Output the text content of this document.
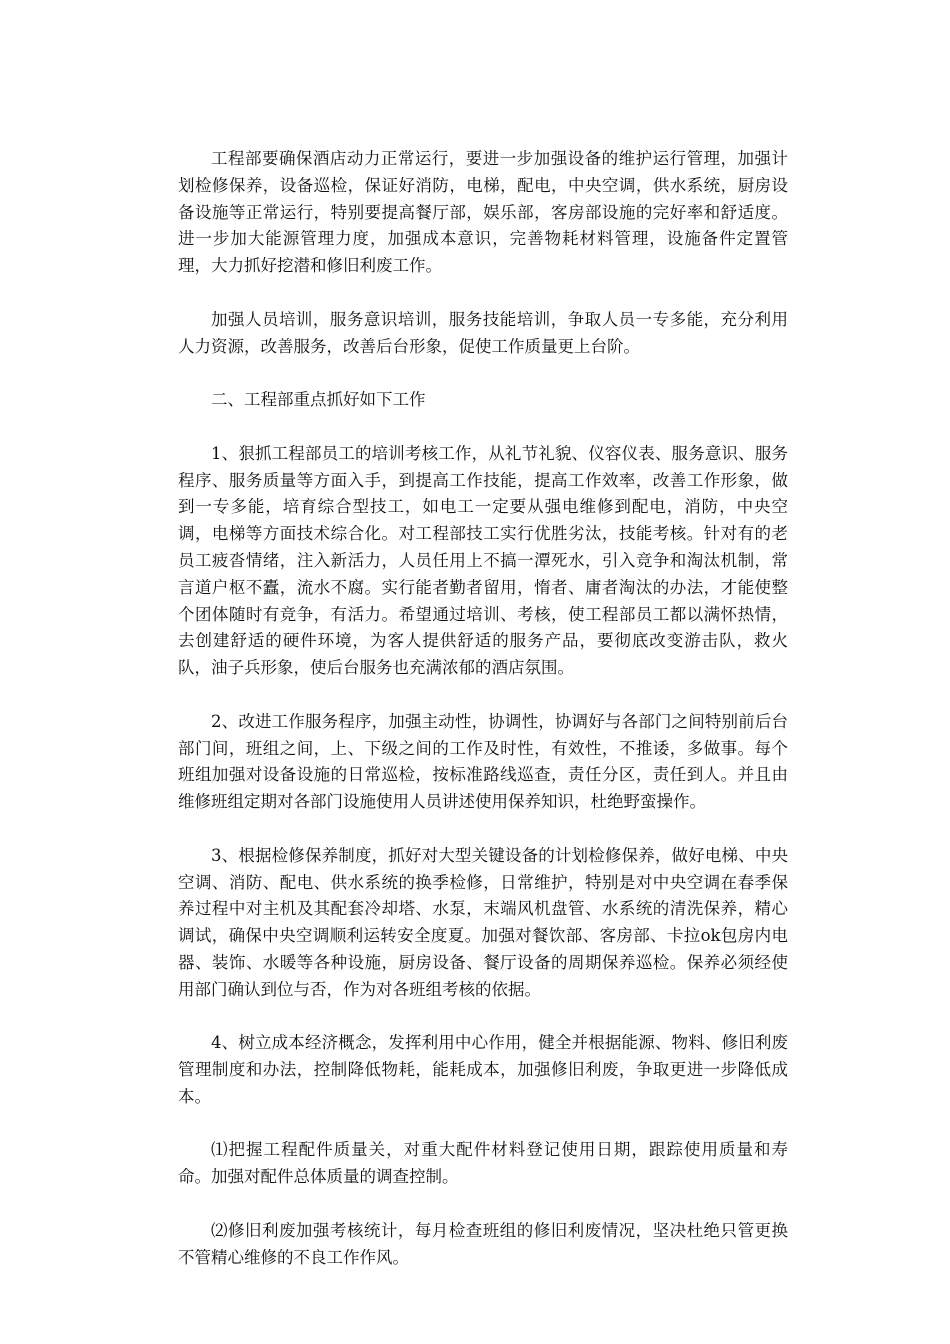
工程部要确保酒店动力正常运行，要进一步加强设备的维护运行管理，加强计划检修保养，设备巡检，保证好消防，电梯，配电，中央空调，供水系统，厨房设备设施等正常运行，特别要提高餐厅部，娱乐部，客房部设施的完好率和舒适度。进一步加大能源管理力度，加强成本意识，完善物耗材料管理，设施备件定置管理，大力抓好挖潜和修旧利废工作。

加强人员培训，服务意识培训，服务技能培训，争取人员一专多能，充分利用人力资源，改善服务，改善后台形象，促使工作质量更上台阶。

二、工程部重点抓好如下工作

1、狠抓工程部员工的培训考核工作，从礼节礼貌、仪容仪表、服务意识、服务程序、服务质量等方面入手，到提高工作技能，提高工作效率，改善工作形象，做到一专多能，培育综合型技工，如电工一定要从强电维修到配电，消防，中央空调，电梯等方面技术综合化。对工程部技工实行优胜劣汰，技能考核。针对有的老员工疲沓情绪，注入新活力，人员任用上不搞一潭死水，引入竞争和淘汰机制，常言道户枢不蠹，流水不腐。实行能者勤者留用，惰者、庸者淘汰的办法，才能使整个团体随时有竞争，有活力。希望通过培训、考核，使工程部员工都以满怀热情，去创建舒适的硬件环境，为客人提供舒适的服务产品，要彻底改变游击队，救火队，油子兵形象，使后台服务也充满浓郁的酒店氛围。

2、改进工作服务程序，加强主动性，协调性，协调好与各部门之间特别前后台部门间，班组之间，上、下级之间的工作及时性，有效性，不推诿，多做事。每个班组加强对设备设施的日常巡检，按标准路线巡查，责任分区，责任到人。并且由维修班组定期对各部门设施使用人员讲述使用保养知识，杜绝野蛮操作。

3、根据检修保养制度，抓好对大型关键设备的计划检修保养，做好电梯、中央空调、消防、配电、供水系统的换季检修，日常维护，特别是对中央空调在春季保养过程中对主机及其配套冷却塔、水泵，末端风机盘管、水系统的清洗保养，精心调试，确保中央空调顺利运转安全度夏。加强对餐饮部、客房部、卡拉ok包房内电器、装饰、水暖等各种设施，厨房设备、餐厅设备的周期保养巡检。保养必须经使用部门确认到位与否，作为对各班组考核的依据。

4、树立成本经济概念，发挥利用中心作用，健全并根据能源、物料、修旧利废管理制度和办法，控制降低物耗，能耗成本，加强修旧利废，争取更进一步降低成本。

⑴把握工程配件质量关，对重大配件材料登记使用日期，跟踪使用质量和寿命。加强对配件总体质量的调查控制。

⑵修旧利废加强考核统计，每月检查班组的修旧利废情况，坚决杜绝只管更换不管精心维修的不良工作作风。
